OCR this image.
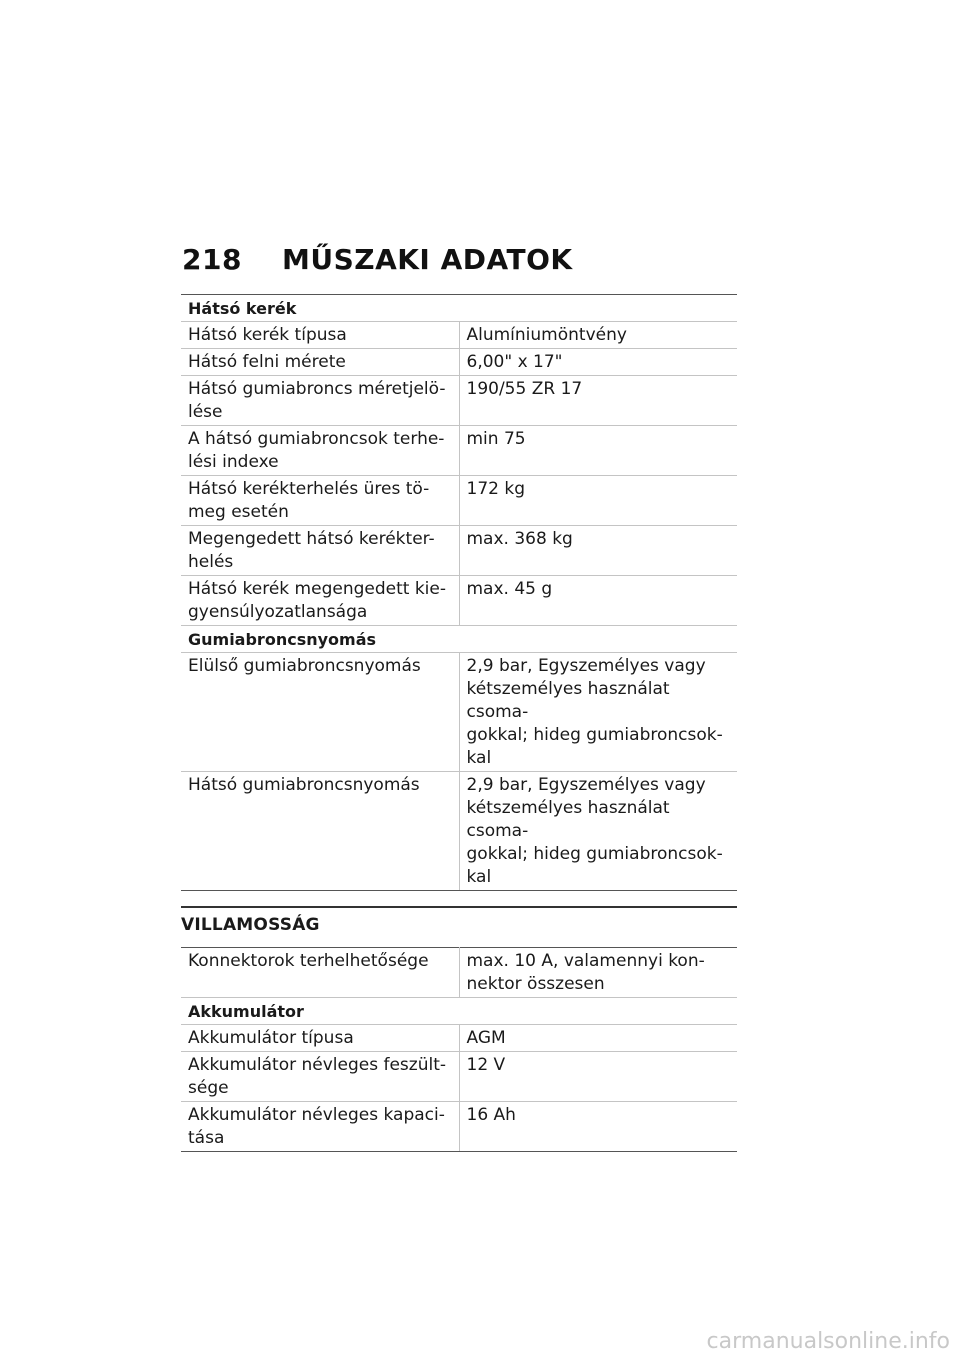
218 MŰSZAKI ADATOK
Hátsó kerék	
Hátsó kerék típusa	Alumíniumöntvény
Hátsó felni mérete	6,00" x 17"
Hátsó gumiabroncs méretjelö-
lése	190/55 ZR 17
A hátsó gumiabroncsok terhe-
lési indexe	min 75
Hátsó kerékterhelés üres tö-
meg esetén	172 kg
Megengedett hátsó kerékter-
helés	max. 368 kg
Hátsó kerék megengedett kie-
gyensúlyozatlansága	max. 45 g
Gumiabroncsnyomás	
Elülső gumiabroncsnyomás	2,9 bar, Egyszemélyes vagy
kétszemélyes használat csoma-
gokkal; hideg gumiabroncsok-
kal
Hátsó gumiabroncsnyomás	2,9 bar, Egyszemélyes vagy
kétszemélyes használat csoma-
gokkal; hideg gumiabroncsok-
kal
VILLAMOSSÁG
Konnektorok terhelhetősége	max. 10 A, valamennyi kon-
nektor összesen
Akkumulátor	
Akkumulátor típusa	AGM
Akkumulátor névleges feszült-
sége	12 V
Akkumulátor névleges kapaci-
tása	16 Ah
carmanualsonline.info
